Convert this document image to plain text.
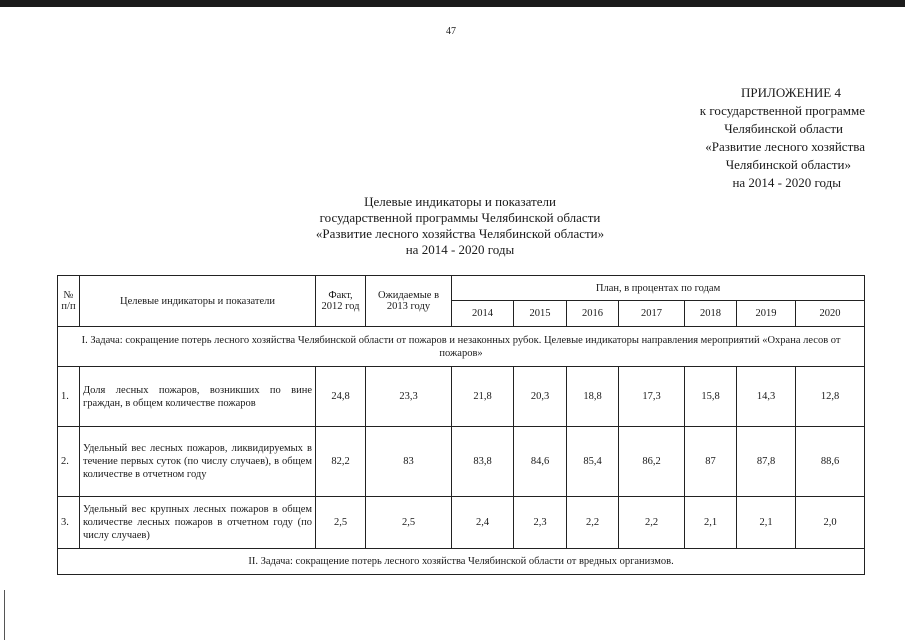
47
ПРИЛОЖЕНИЕ 4
к государственной программе
Челябинской области
«Развитие лесного хозяйства
Челябинской области»
на 2014 - 2020 годы
Целевые индикаторы и показатели
государственной программы Челябинской области
«Развитие лесного хозяйства Челябинской области»
на 2014 - 2020 годы
№ п/п	Целевые индикаторы и показатели	Факт, 2012 год	Ожидаемые в 2013 году	План, в процентах по годам						
				2014	2015	2016	2017	2018	2019	2020
I. Задача: сокращение потерь лесного хозяйства Челябинской области от пожаров и незаконных рубок. Целевые индикаторы направления мероприятий «Охрана лесов от пожаров»										
1.	Доля лесных пожаров, возникших по вине граждан, в общем количестве пожаров	24,8	23,3	21,8	20,3	18,8	17,3	15,8	14,3	12,8
2.	Удельный вес лесных пожаров, ликвидируемых в течение первых суток (по числу случаев), в общем количестве в отчетном году	82,2	83	83,8	84,6	85,4	86,2	87	87,8	88,6
3.	Удельный вес крупных лесных пожаров в общем количестве лесных пожаров в отчетном году (по числу случаев)	2,5	2,5	2,4	2,3	2,2	2,2	2,1	2,1	2,0
II. Задача: сокращение потерь лесного хозяйства Челябинской области от вредных организмов.										
